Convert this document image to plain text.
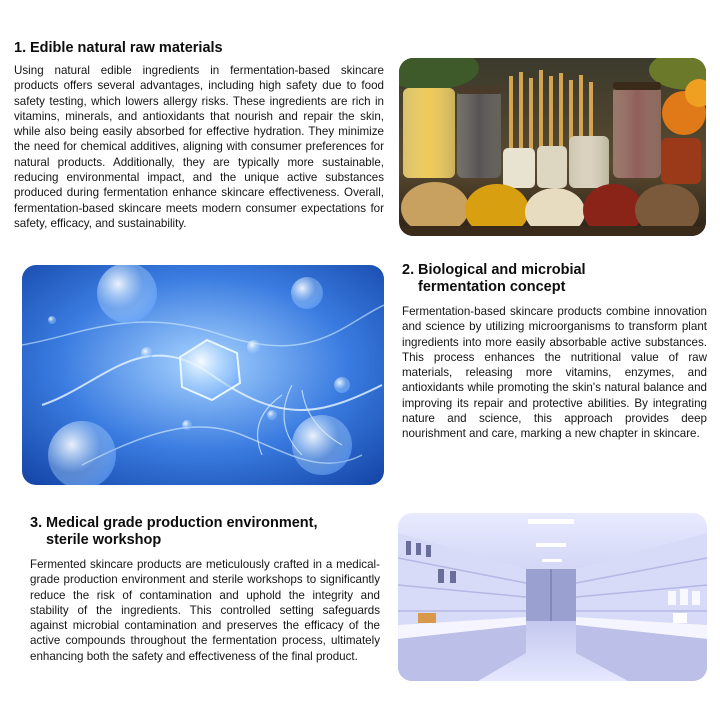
1. Edible natural raw materials

Using natural edible ingredients in fermentation-based skincare products offers several advantages, including high safety due to food safety testing, which lowers allergy risks. These ingredients are rich in vitamins, minerals, and antioxidants that nourish and repair the skin, while also being easily absorbed for effective hydration. They minimize the need for chemical additives, aligning with consumer preferences for natural products. Additionally, they are typically more sustainable, reducing environmental impact, and the unique active substances produced during fermentation enhance skincare effectiveness. Overall, fermentation-based skincare meets modern consumer expectations for safety, efficacy, and sustainability.

2. Biological and microbial
fermentation concept

Fermentation-based skincare products combine innovation and science by utilizing microorganisms to transform plant ingredients into more easily absorbable active substances. This process enhances the nutritional value of raw materials, releasing more vitamins, enzymes, and antioxidants while promoting the skin's natural balance and improving its repair and protective abilities. By integrating nature and science, this approach provides deep nourishment and care, marking a new chapter in skincare.

3. Medical grade production environment,
sterile workshop

Fermented skincare products are meticulously crafted in a medical-grade production environment and sterile workshops to significantly reduce the risk of contamination and uphold the integrity and stability of the ingredients. This controlled setting safeguards against microbial contamination and preserves the efficacy of the active compounds throughout the fermentation process, ultimately enhancing both the safety and effectiveness of the final product.
